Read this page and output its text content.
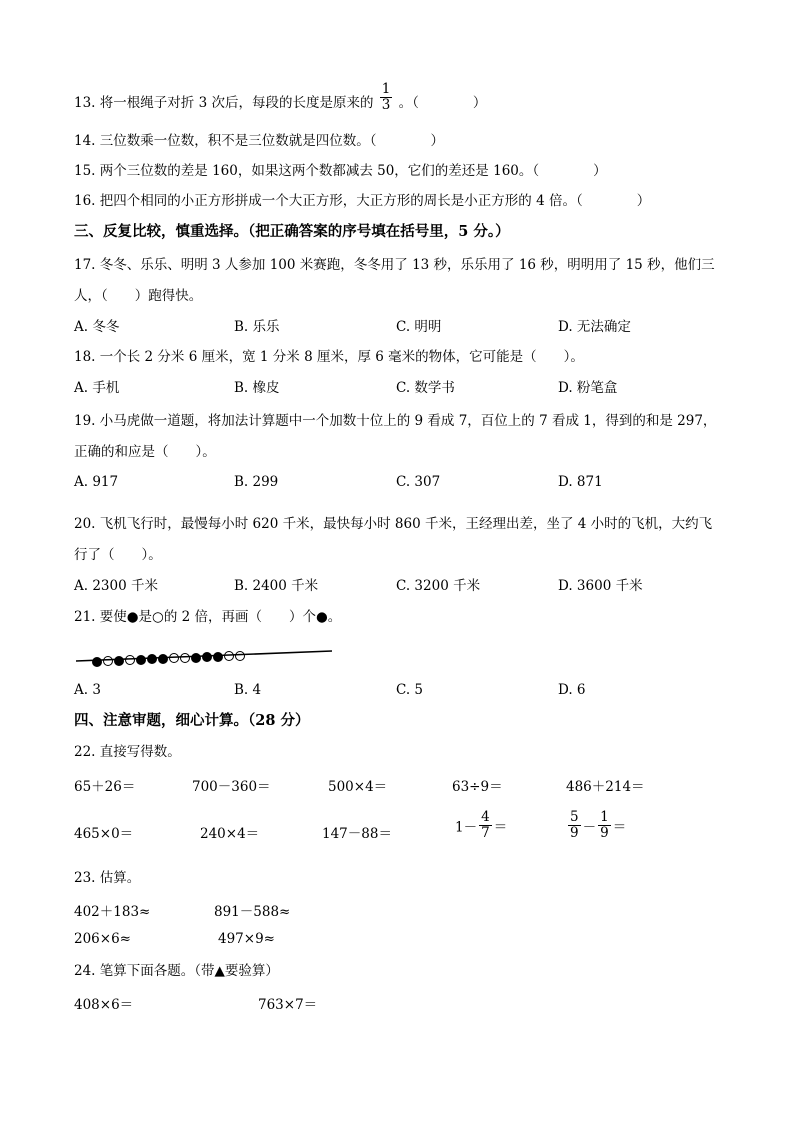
13. 将一根绳子对折 3 次后，每段的长度是原来的 $\frac{1}{3}$ 。（　　　　）
14. 三位数乘一位数，积不是三位数就是四位数。（　　　　）
15. 两个三位数的差是 160，如果这两个数都减去 50，它们的差还是 160。（　　　　）
16. 把四个相同的小正方形拼成一个大正方形，大正方形的周长是小正方形的 4 倍。（　　　　）
三、反复比较，慎重选择。（把正确答案的序号填在括号里，5 分。）
17. 冬冬、乐乐、明明 3 人参加 100 米赛跑，冬冬用了 13 秒，乐乐用了 16 秒，明明用了 15 秒，他们三
人，（　　）跑得快。
A. 冬冬	B. 乐乐	C. 明明	D. 无法确定
18. 一个长 2 分米 6 厘米，宽 1 分米 8 厘米，厚 6 毫米的物体，它可能是（　　）。
A. 手机	B. 橡皮	C. 数学书	D. 粉笔盒
19. 小马虎做一道题，将加法计算题中一个加数十位上的 9 看成 7，百位上的 7 看成 1，得到的和是 297，
正确的和应是（　　）。
A. 917	B. 299	C. 307	D. 871
20. 飞机飞行时，最慢每小时 620 千米，最快每小时 860 千米，王经理出差，坐了 4 小时的飞机，大约飞
行了（　　）。
A. 2300 千米	B. 2400 千米	C. 3200 千米	D. 3600 千米
21. 要使●是○的 2 倍，再画（　　）个●。
A. 3	B. 4	C. 5	D. 6
四、注意审题，细心计算。（28 分）
22. 直接写得数。
65＋26＝	700－360＝	500×4＝	63÷9＝	486＋214＝
465×0＝	240×4＝	147－88＝	$1- \frac{4}{7}$ ＝	$\frac{5}{9} - \frac{1}{9}$ ＝
23. 估算。
402＋183≈	891－588≈
206×6≈	497×9≈
24. 笔算下面各题。（带▲要验算）
408×6＝	763×7＝
